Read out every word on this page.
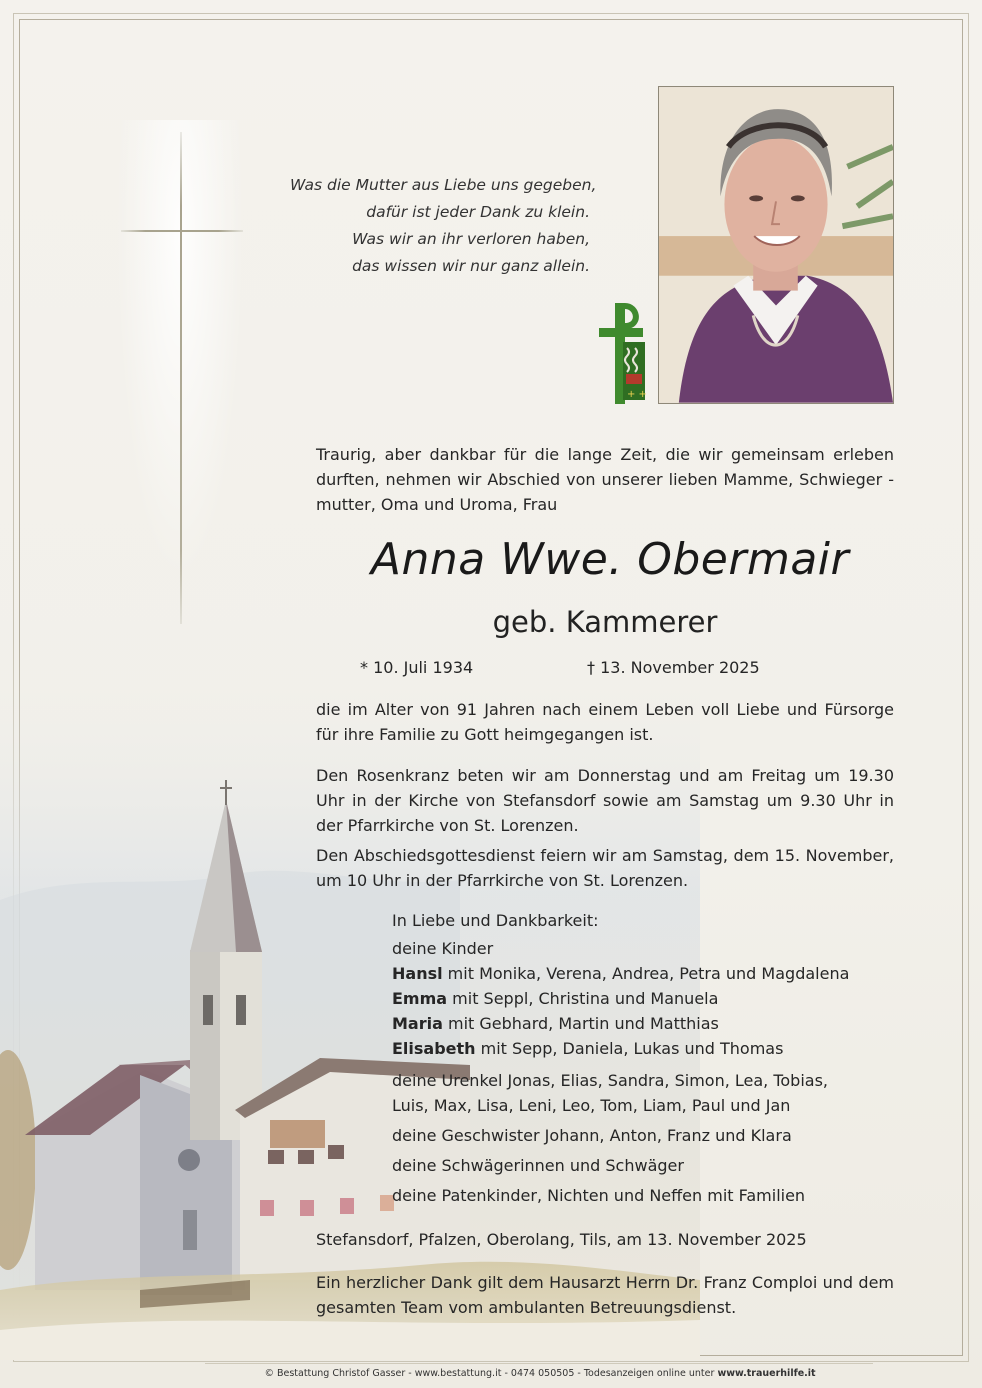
Was die Mutter aus Liebe uns gegeben,
dafür ist jeder Dank zu klein.
Was wir an ihr verloren haben,
das wissen wir nur ganz allein.
+ +
Traurig, aber dankbar für die lange Zeit, die wir gemeinsam erleben durften, nehmen wir Abschied von unserer lieben Mamme, Schwieger - mutter, Oma und Uroma, Frau
Anna Wwe. Obermair
geb. Kammerer
* 10. Juli 1934	† 13. November 2025
die im Alter von 91 Jahren nach einem Leben voll Liebe und Fürsorge für ihre Familie zu Gott heimgegangen ist.
Den Rosenkranz beten wir am Donnerstag und am Freitag um 19.30 Uhr in der Kirche von Stefansdorf sowie am Samstag um 9.30 Uhr in der Pfarrkirche von St. Lorenzen.
Den Abschiedsgottesdienst feiern wir am Samstag, dem 15. November, um 10 Uhr in der Pfarrkirche von St. Lorenzen.
In Liebe und Dankbarkeit:
deine Kinder
Hansl mit Monika, Verena, Andrea, Petra und Magdalena
Emma mit Seppl, Christina und Manuela
Maria mit Gebhard, Martin und Matthias
Elisabeth mit Sepp, Daniela, Lukas und Thomas
deine Urenkel Jonas, Elias, Sandra, Simon, Lea, Tobias,
Luis, Max, Lisa, Leni, Leo, Tom, Liam, Paul und Jan
deine Geschwister Johann, Anton, Franz und Klara
deine Schwägerinnen und Schwäger
deine Patenkinder, Nichten und Neffen mit Familien
Stefansdorf, Pfalzen, Oberolang, Tils, am 13. November 2025
Ein herzlicher Dank gilt dem Hausarzt Herrn Dr. Franz Comploi und dem gesamten Team vom ambulanten Betreuungsdienst.
© Bestattung Christof Gasser - www.bestattung.it - 0474 050505 - Todesanzeigen online unter www.trauerhilfe.it
